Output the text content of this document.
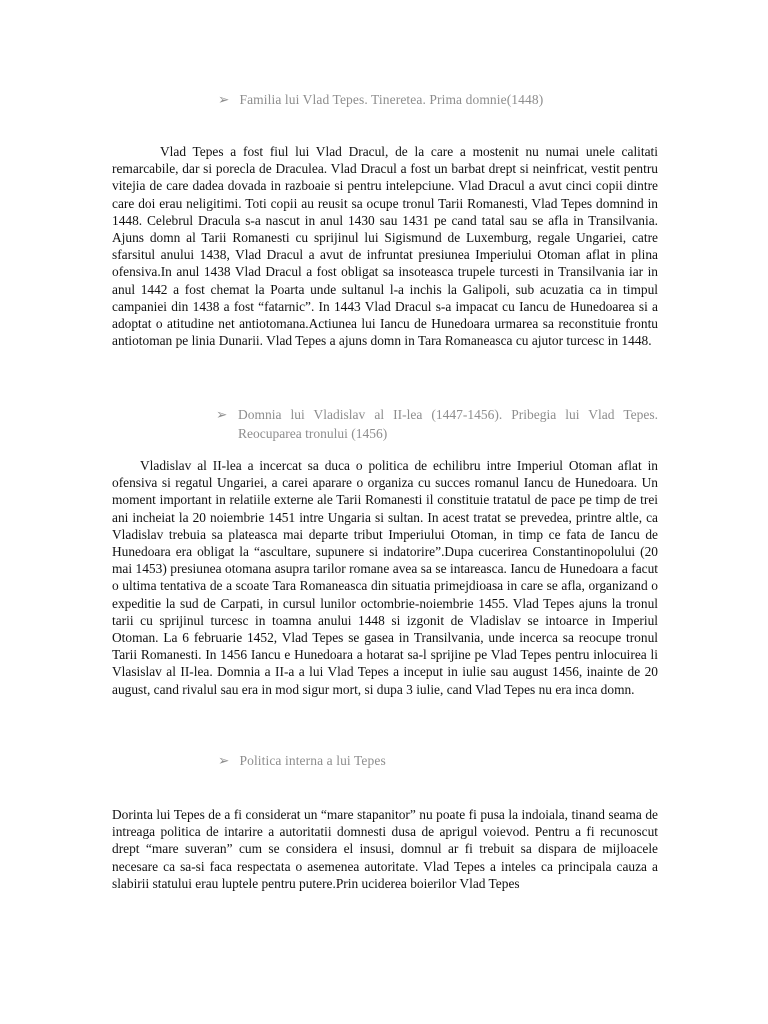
➢ Familia lui Vlad Tepes. Tineretea. Prima domnie(1448)

Vlad Tepes a fost fiul lui Vlad Dracul, de la care a mostenit nu numai unele calitati remarcabile, dar si porecla de Draculea. Vlad Dracul a fost un barbat drept si neinfricat, vestit pentru vitejia de care dadea dovada in razboaie si pentru intelepciune. Vlad Dracul a avut cinci copii dintre care doi erau neligitimi. Toti copii au reusit sa ocupe tronul Tarii Romanesti, Vlad Tepes domnind in 1448. Celebrul Dracula s-a nascut in anul 1430 sau 1431 pe cand tatal sau se afla in Transilvania. Ajuns domn al Tarii Romanesti cu sprijinul lui Sigismund de Luxemburg, regale Ungariei, catre sfarsitul anului 1438, Vlad Dracul a avut de infruntat presiunea Imperiului Otoman aflat in plina ofensiva.In anul 1438 Vlad Dracul a fost obligat sa insoteasca trupele turcesti in Transilvania iar in anul 1442 a fost chemat la Poarta unde sultanul l-a inchis la Galipoli, sub acuzatia ca in timpul campaniei din 1438 a fost “fatarnic”. In 1443 Vlad Dracul s-a impacat cu Iancu de Hunedoarea si a adoptat o atitudine net antiotomana.Actiunea lui Iancu de Hunedoara urmarea sa reconstituie frontu antiotoman pe linia Dunarii. Vlad Tepes a ajuns domn in Tara Romaneasca cu ajutor turcesc in 1448.

➢ Domnia lui Vladislav al II-lea (1447-1456). Pribegia lui Vlad Tepes. Reocuparea tronului (1456)

Vladislav al II-lea a incercat sa duca o politica de echilibru intre Imperiul Otoman aflat in ofensiva si regatul Ungariei, a carei aparare o organiza cu succes romanul Iancu de Hunedoara. Un moment important in relatiile externe ale Tarii Romanesti il constituie tratatul de pace pe timp de trei ani incheiat la 20 noiembrie 1451 intre Ungaria si sultan. In acest tratat se prevedea, printre altle, ca Vladislav trebuia sa plateasca mai departe tribut Imperiului Otoman, in timp ce fata de Iancu de Hunedoara era obligat la “ascultare, supunere si indatorire”.Dupa cucerirea Constantinopolului (20 mai 1453) presiunea otomana asupra tarilor romane avea sa se intareasca. Iancu de Hunedoara a facut o ultima tentativa de a scoate Tara Romaneasca din situatia primejdioasa in care se afla, organizand o expeditie la sud de Carpati, in cursul lunilor octombrie-noiembrie 1455. Vlad Tepes ajuns la tronul tarii cu sprijinul turcesc in toamna anului 1448 si izgonit de Vladislav se intoarce in Imperiul Otoman. La 6 februarie 1452, Vlad Tepes se gasea in Transilvania, unde incerca sa reocupe tronul Tarii Romanesti. In 1456 Iancu e Hunedoara a hotarat sa-l sprijine pe Vlad Tepes pentru inlocuirea li Vlasislav al II-lea. Domnia a II-a a lui Vlad Tepes a inceput in iulie sau august 1456, inainte de 20 august, cand rivalul sau era in mod sigur mort, si dupa 3 iulie, cand Vlad Tepes nu era inca domn.

➢ Politica interna a lui Tepes

Dorinta lui Tepes de a fi considerat un “mare stapanitor” nu poate fi pusa la indoiala, tinand seama de intreaga politica de intarire a autoritatii domnesti dusa de aprigul voievod. Pentru a fi recunoscut drept “mare suveran” cum se considera el insusi, domnul ar fi trebuit sa dispara de mijloacele necesare ca sa-si faca respectata o asemenea autoritate. Vlad Tepes a inteles ca principala cauza a slabirii statului erau luptele pentru putere.Prin uciderea boierilor Vlad Tepes
